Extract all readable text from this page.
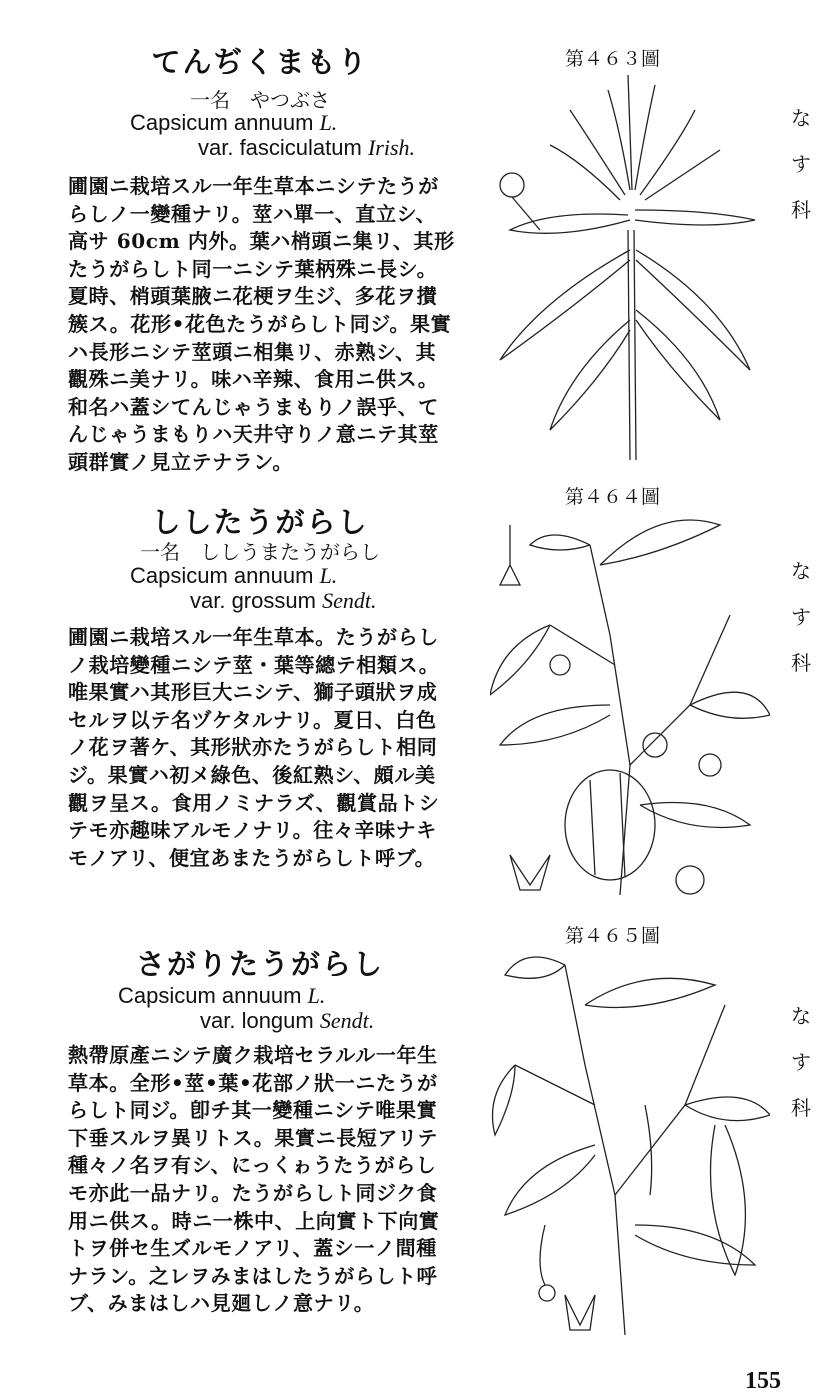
てんぢくまもり
一名　やつぶさ
Capsicum annuum L.
var. fasciculatum Irish.
圃園ニ栽培スル一年生草本ニシテたうが
らしノ一變種ナリ。莖ハ單一、直立シ、
高サ 60cm 内外。葉ハ梢頭ニ集リ、其形
たうがらしト同一ニシテ葉柄殊ニ長シ。
夏時、梢頭葉腋ニ花梗ヲ生ジ、多花ヲ攅
簇ス。花形•花色たうがらしト同ジ。果實
ハ長形ニシテ莖頭ニ相集リ、赤熟シ、其
觀殊ニ美ナリ。味ハ辛辣、食用ニ供ス。
和名ハ蓋シてんじゃうまもりノ誤乎、て
んじゃうまもりハ天井守りノ意ニテ其莖
頭群實ノ見立テナラン。
第４６３圖
な
す
科
第４６４圖
ししたうがらし
一名　ししうまたうがらし
Capsicum annuum L.
var. grossum Sendt.
圃園ニ栽培スル一年生草本。たうがらし
ノ栽培變種ニシテ莖・葉等總テ相類ス。
唯果實ハ其形巨大ニシテ、獅子頭狀ヲ成
セルヲ以テ名ヅケタルナリ。夏日、白色
ノ花ヲ著ケ、其形狀亦たうがらしト相同
ジ。果實ハ初メ綠色、後紅熟シ、頗ル美
觀ヲ呈ス。食用ノミナラズ、觀賞品トシ
テモ亦趣味アルモノナリ。往々辛味ナキ
モノアリ、便宜あまたうがらしト呼ブ。
な
す
科
第４６５圖
さがりたうがらし
Capsicum annuum L.
var. longum Sendt.
熱帶原產ニシテ廣ク栽培セラルル一年生
草本。全形•莖•葉•花部ノ狀一ニたうが
らしト同ジ。卽チ其一變種ニシテ唯果實
下垂スルヲ異リトス。果實ニ長短アリテ
種々ノ名ヲ有シ、にっくゎうたうがらし
モ亦此一品ナリ。たうがらしト同ジク食
用ニ供ス。時ニ一株中、上向實ト下向實
トヲ併セ生ズルモノアリ、蓋シ一ノ間種
ナラン。之レヲみまはしたうがらしト呼
ブ、みまはしハ見廻しノ意ナリ。
な
す
科
155
